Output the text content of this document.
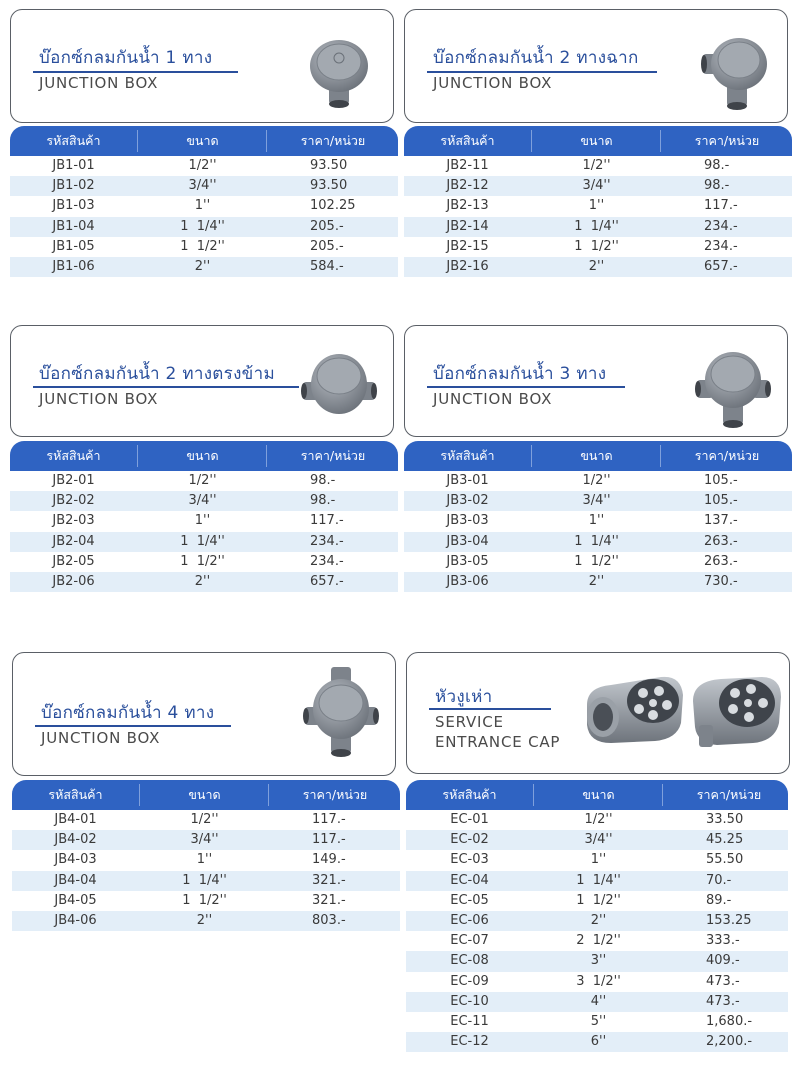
บ๊อกซ์กลมกันน้ำ 1 ทาง
JUNCTION BOX
รหัสสินค้า	ขนาด	ราคา/หน่วย
JB1-01	1/2''	93.50
JB1-02	3/4''	93.50
JB1-03	1''	102.25
JB1-04	1  1/4''	205.-
JB1-05	1  1/2''	205.-
JB1-06	2''	584.-
บ๊อกซ์กลมกันน้ำ 2 ทางฉาก
JUNCTION BOX
รหัสสินค้า	ขนาด	ราคา/หน่วย
JB2-11	1/2''	98.-
JB2-12	3/4''	98.-
JB2-13	1''	117.-
JB2-14	1  1/4''	234.-
JB2-15	1  1/2''	234.-
JB2-16	2''	657.-
บ๊อกซ์กลมกันน้ำ 2 ทางตรงข้าม
JUNCTION BOX
รหัสสินค้า	ขนาด	ราคา/หน่วย
JB2-01	1/2''	98.-
JB2-02	3/4''	98.-
JB2-03	1''	117.-
JB2-04	1  1/4''	234.-
JB2-05	1  1/2''	234.-
JB2-06	2''	657.-
บ๊อกซ์กลมกันน้ำ 3 ทาง
JUNCTION BOX
รหัสสินค้า	ขนาด	ราคา/หน่วย
JB3-01	1/2''	105.-
JB3-02	3/4''	105.-
JB3-03	1''	137.-
JB3-04	1  1/4''	263.-
JB3-05	1  1/2''	263.-
JB3-06	2''	730.-
บ๊อกซ์กลมกันน้ำ 4 ทาง
JUNCTION BOX
รหัสสินค้า	ขนาด	ราคา/หน่วย
JB4-01	1/2''	117.-
JB4-02	3/4''	117.-
JB4-03	1''	149.-
JB4-04	1  1/4''	321.-
JB4-05	1  1/2''	321.-
JB4-06	2''	803.-
หัวงูเห่า
SERVICE
ENTRANCE CAP
รหัสสินค้า	ขนาด	ราคา/หน่วย
EC-01	1/2''	33.50
EC-02	3/4''	45.25
EC-03	1''	55.50
EC-04	1  1/4''	70.-
EC-05	1  1/2''	89.-
EC-06	2''	153.25
EC-07	2  1/2''	333.-
EC-08	3''	409.-
EC-09	3  1/2''	473.-
EC-10	4''	473.-
EC-11	5''	1,680.-
EC-12	6''	2,200.-
